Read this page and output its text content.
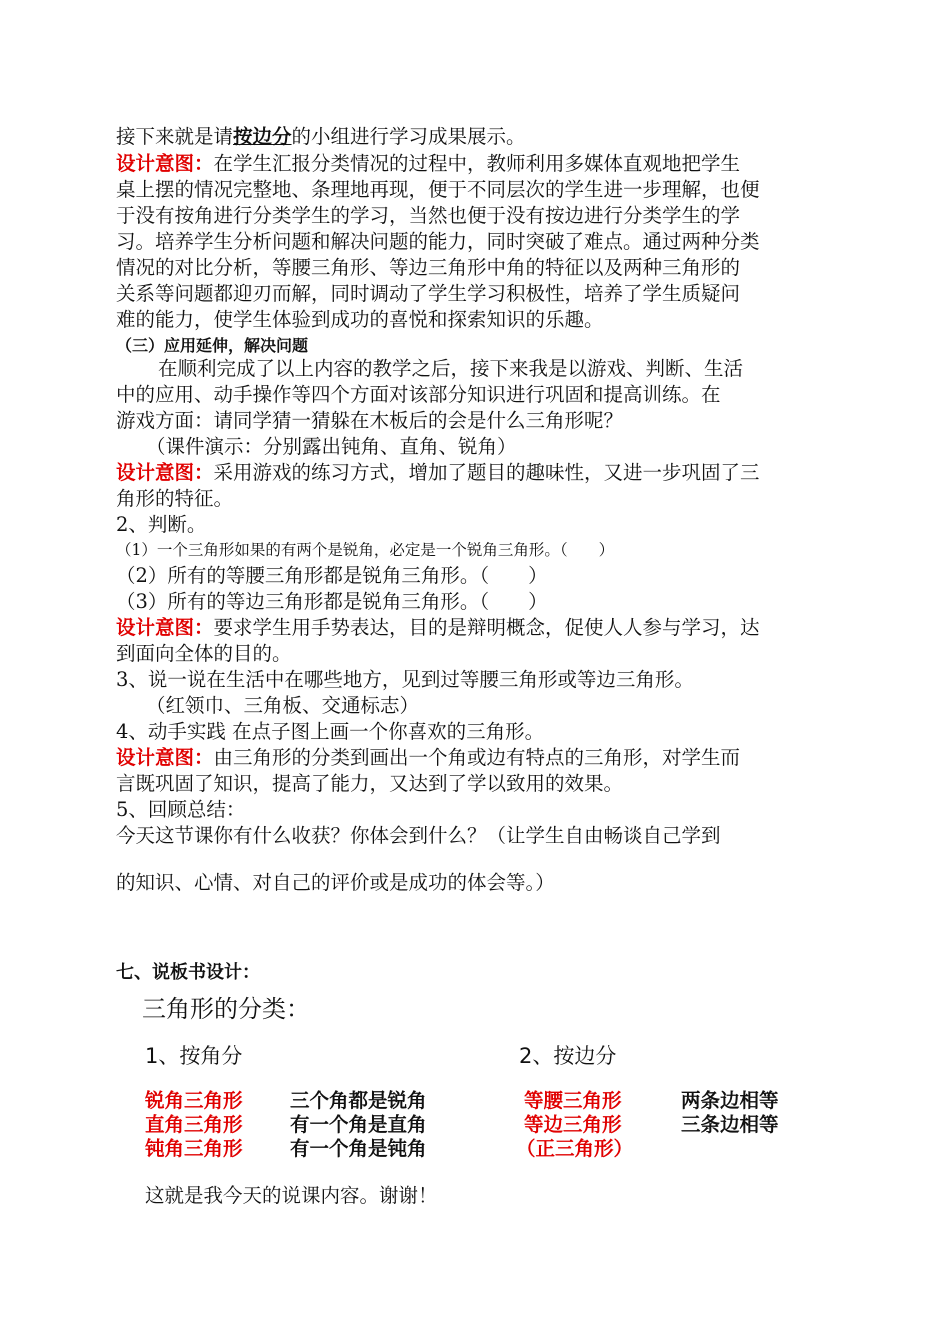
接下来就是请按边分的小组进行学习成果展示。
设计意图：在学生汇报分类情况的过程中，教师利用多媒体直观地把学生
桌上摆的情况完整地、条理地再现，便于不同层次的学生进一步理解，也便
于没有按角进行分类学生的学习，当然也便于没有按边进行分类学生的学
习。培养学生分析问题和解决问题的能力，同时突破了难点。通过两种分类
情况的对比分析，等腰三角形、等边三角形中角的特征以及两种三角形的
关系等问题都迎刃而解，同时调动了学生学习积极性，培养了学生质疑问
难的能力，使学生体验到成功的喜悦和探索知识的乐趣。
（三）应用延伸，解决问题
在顺利完成了以上内容的教学之后，接下来我是以游戏、判断、生活
中的应用、动手操作等四个方面对该部分知识进行巩固和提高训练。在
游戏方面：请同学猜一猜躲在木板后的会是什么三角形呢？
（课件演示：分别露出钝角、直角、锐角）
设计意图：采用游戏的练习方式，增加了题目的趣味性，又进一步巩固了三
角形的特征。
2、判断。
（1）一个三角形如果的有两个是锐角，必定是一个锐角三角形。（　　）
（2）所有的等腰三角形都是锐角三角形。（　　）
（3）所有的等边三角形都是锐角三角形。（　　）
设计意图：要求学生用手势表达，目的是辩明概念，促使人人参与学习，达
到面向全体的目的。
3、说一说在生活中在哪些地方，见到过等腰三角形或等边三角形。
（红领巾、三角板、交通标志）
4、动手实践 在点子图上画一个你喜欢的三角形。
设计意图：由三角形的分类到画出一个角或边有特点的三角形，对学生而
言既巩固了知识，提高了能力，又达到了学以致用的效果。
5、回顾总结：
今天这节课你有什么收获？你体会到什么？（让学生自由畅谈自己学到
的知识、心情、对自己的评价或是成功的体会等。）
七、说板书设计：
三角形的分类：
1、按角分	2、按边分
锐角三角形 三个角都是锐角
直角三角形 有一个角是直角
钝角三角形 有一个角是钝角
等腰三角形	两条边相等
等边三角形	三条边相等
（正三角形）
这就是我今天的说课内容。谢谢！
